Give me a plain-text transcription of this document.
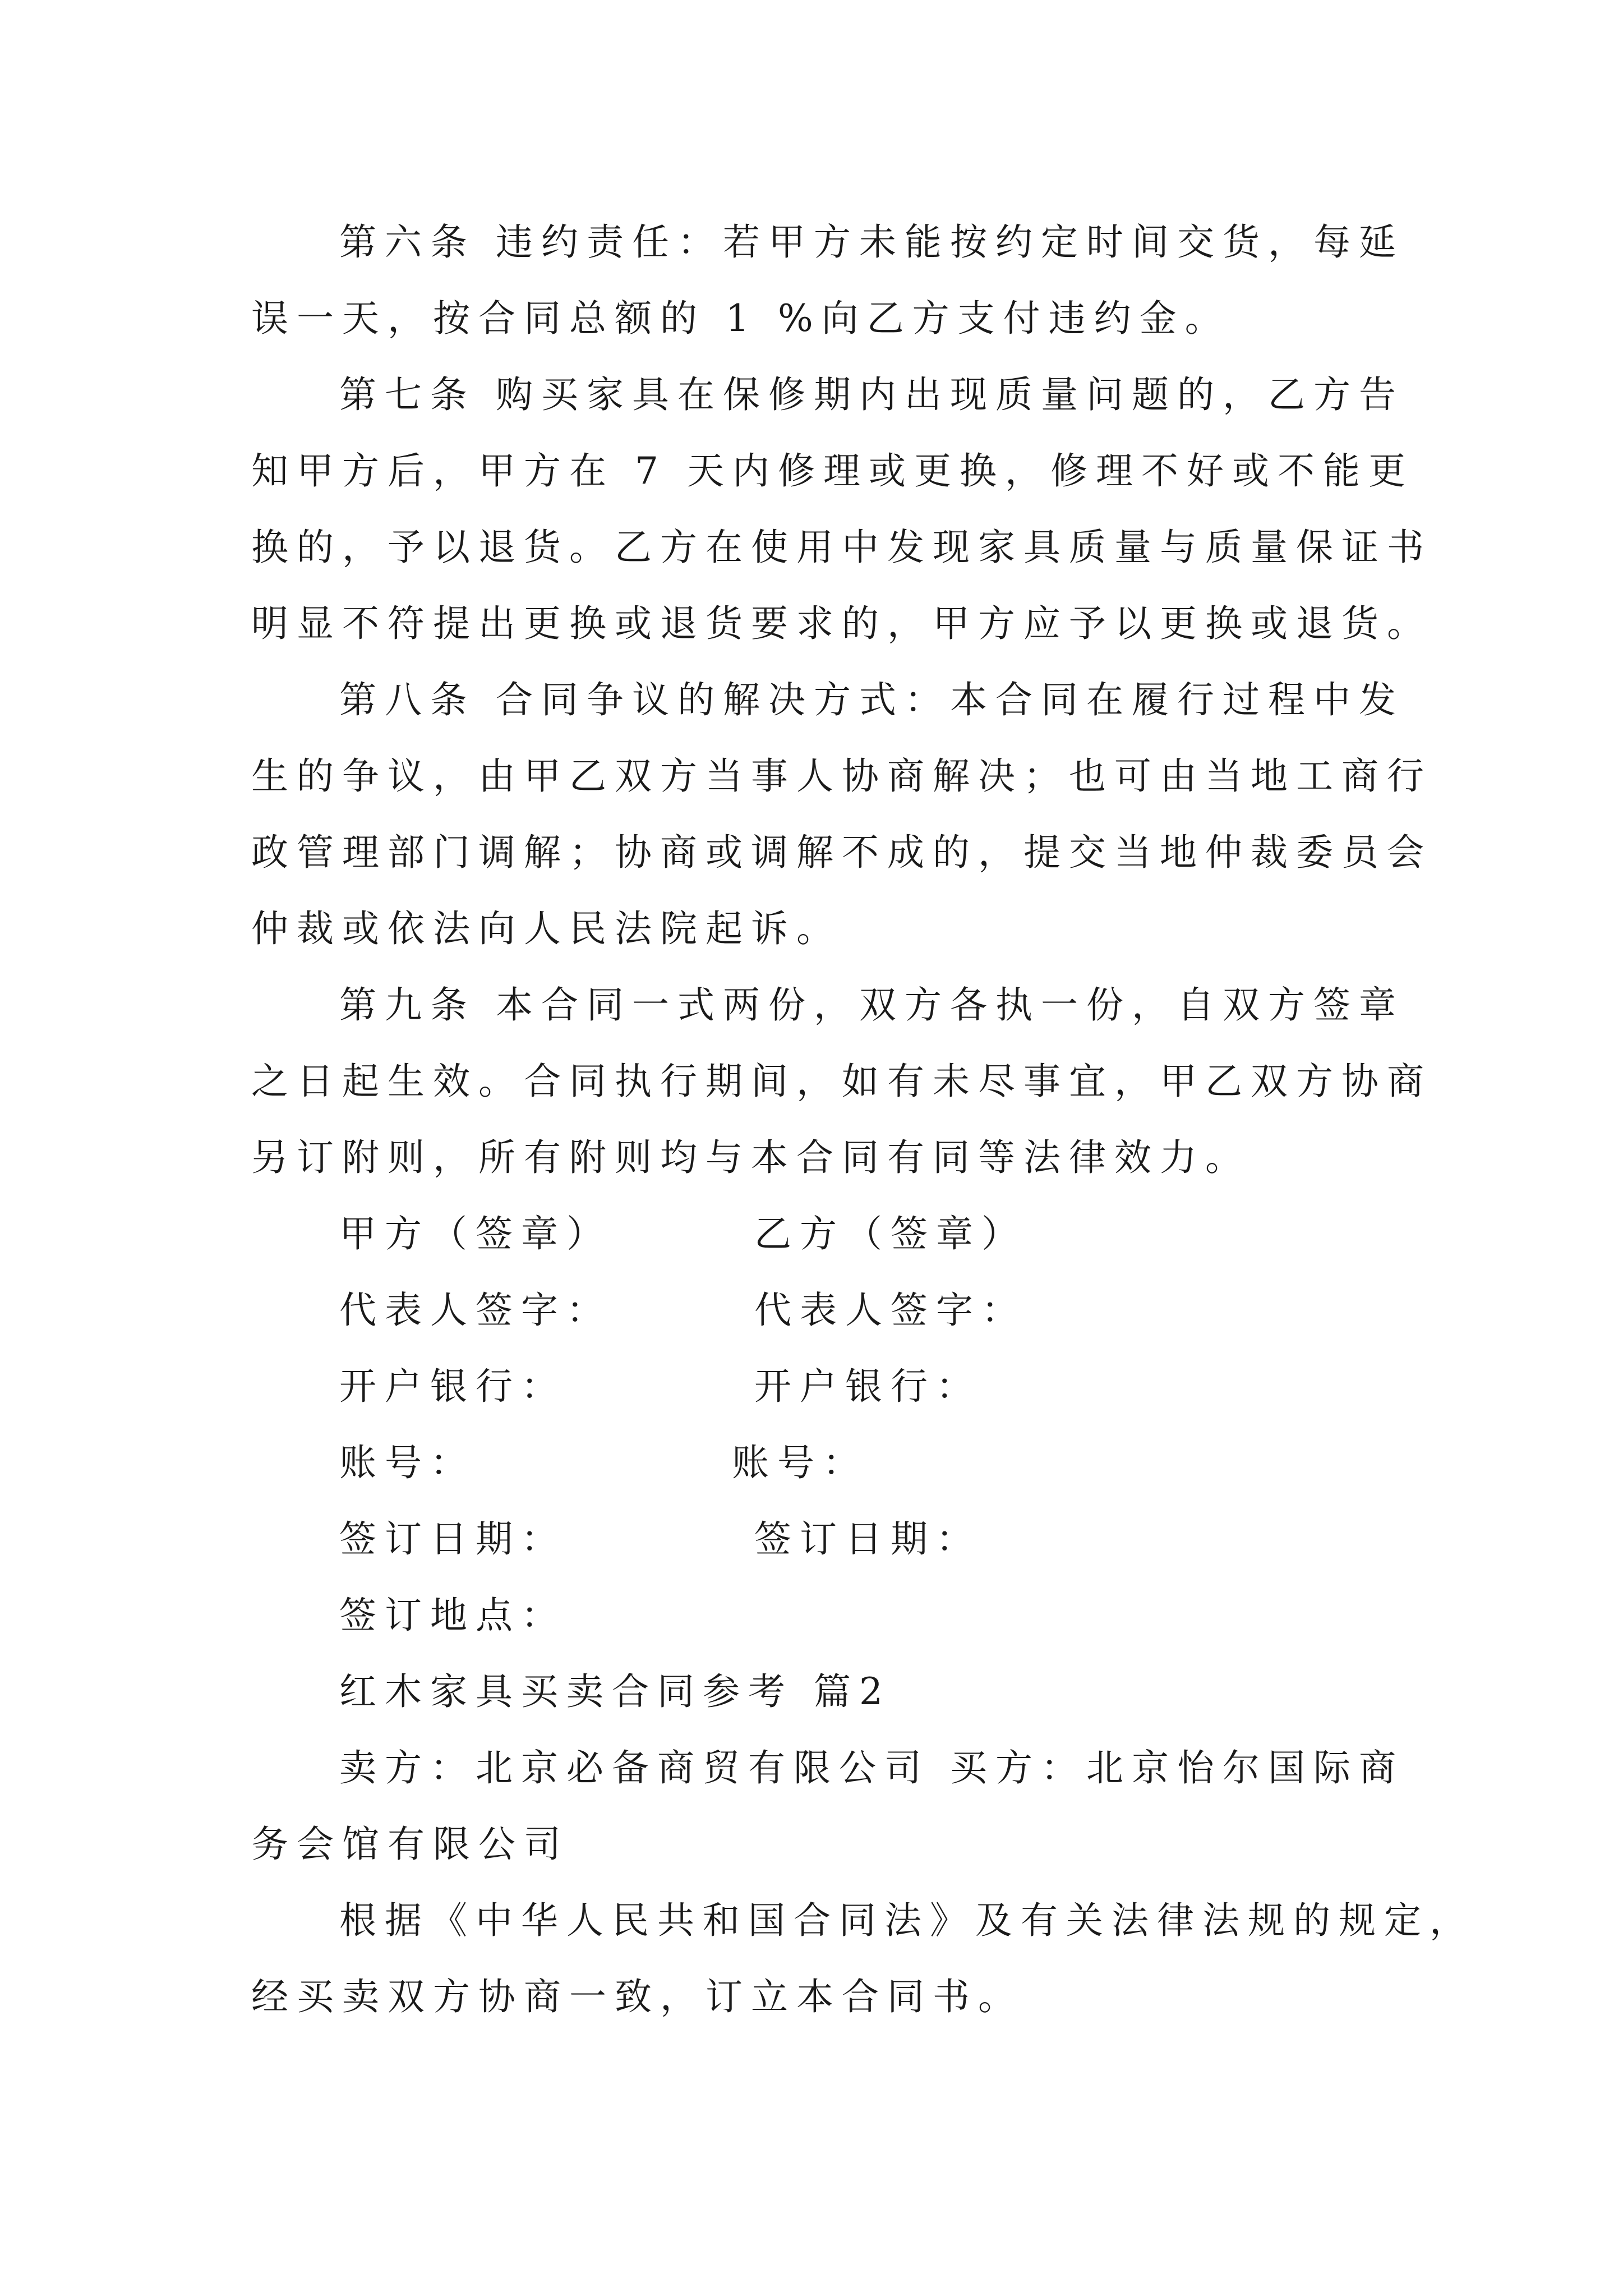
第六条 违约责任：若甲方未能按约定时间交货，每延
误一天，按合同总额的 1 %向乙方支付违约金。
第七条 购买家具在保修期内出现质量问题的，乙方告
知甲方后，甲方在 7 天内修理或更换，修理不好或不能更
换的，予以退货。乙方在使用中发现家具质量与质量保证书
明显不符提出更换或退货要求的，甲方应予以更换或退货。
第八条 合同争议的解决方式：本合同在履行过程中发
生的争议，由甲乙双方当事人协商解决；也可由当地工商行
政管理部门调解；协商或调解不成的，提交当地仲裁委员会
仲裁或依法向人民法院起诉。
第九条 本合同一式两份，双方各执一份，自双方签章
之日起生效。合同执行期间，如有未尽事宜，甲乙双方协商
另订附则，所有附则均与本合同有同等法律效力。
甲方（签章）	乙方（签章）
代表人签字：	代表人签字：
开户银行：	开户银行：
账号：	账号：
签订日期：	签订日期：
签订地点：
红木家具买卖合同参考 篇2
卖方：北京必备商贸有限公司 买方：北京怡尔国际商
务会馆有限公司
根据《中华人民共和国合同法》及有关法律法规的规定，
经买卖双方协商一致，订立本合同书。
